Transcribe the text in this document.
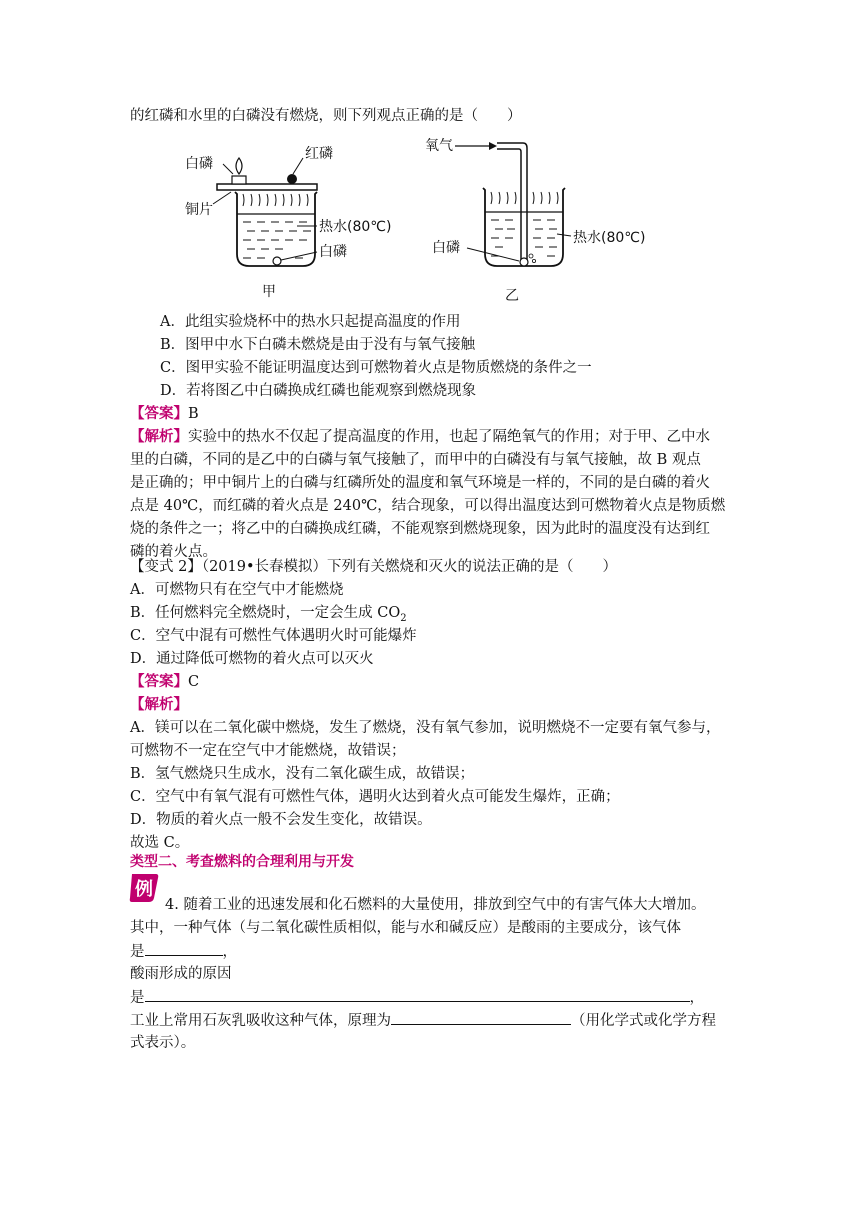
的红磷和水里的白磷没有燃烧，则下列观点正确的是（　　）
白磷
红磷
铜片
热水(80℃)
白磷
甲
氧气
白磷
热水(80℃)
乙
A．此组实验烧杯中的热水只起提高温度的作用
B．图甲中水下白磷未燃烧是由于没有与氧气接触
C．图甲实验不能证明温度达到可燃物着火点是物质燃烧的条件之一
D．若将图乙中白磷换成红磷也能观察到燃烧现象
【答案】B
【解析】实验中的热水不仅起了提高温度的作用，也起了隔绝氧气的作用；对于甲、乙中水
里的白磷，不同的是乙中的白磷与氧气接触了，而甲中的白磷没有与氧气接触，故 B 观点
是正确的；甲中铜片上的白磷与红磷所处的温度和氧气环境是一样的，不同的是白磷的着火
点是 40℃，而红磷的着火点是 240℃，结合现象，可以得出温度达到可燃物着火点是物质燃
烧的条件之一；将乙中的白磷换成红磷，不能观察到燃烧现象，因为此时的温度没有达到红
磷的着火点。
【变式 2】（2019•长春模拟）下列有关燃烧和灭火的说法正确的是（　　）
A．可燃物只有在空气中才能燃烧
B．任何燃料完全燃烧时，一定会生成 $CO_2$
C．空气中混有可燃性气体遇明火时可能爆炸
D．通过降低可燃物的着火点可以灭火
【答案】C
【解析】
A．镁可以在二氧化碳中燃烧，发生了燃烧，没有氧气参加，说明燃烧不一定要有氧气参与，
可燃物不一定在空气中才能燃烧，故错误；
B．氢气燃烧只生成水，没有二氧化碳生成，故错误；
C．空气中有氧气混有可燃性气体，遇明火达到着火点可能发生爆炸，正确；
D．物质的着火点一般不会发生变化，故错误。
故选 C。
类型二、考查燃料的合理利用与开发
例
4. 随着工业的迅速发展和化石燃料的大量使用，排放到空气中的有害气体大大增加。
其中，一种气体（与二氧化碳性质相似，能与水和碱反应）是酸雨的主要成分，该气体
是	，
酸雨形成的原因
是	，
工业上常用石灰乳吸收这种气体，原理为	（用化学式或化学方程
式表示）。
